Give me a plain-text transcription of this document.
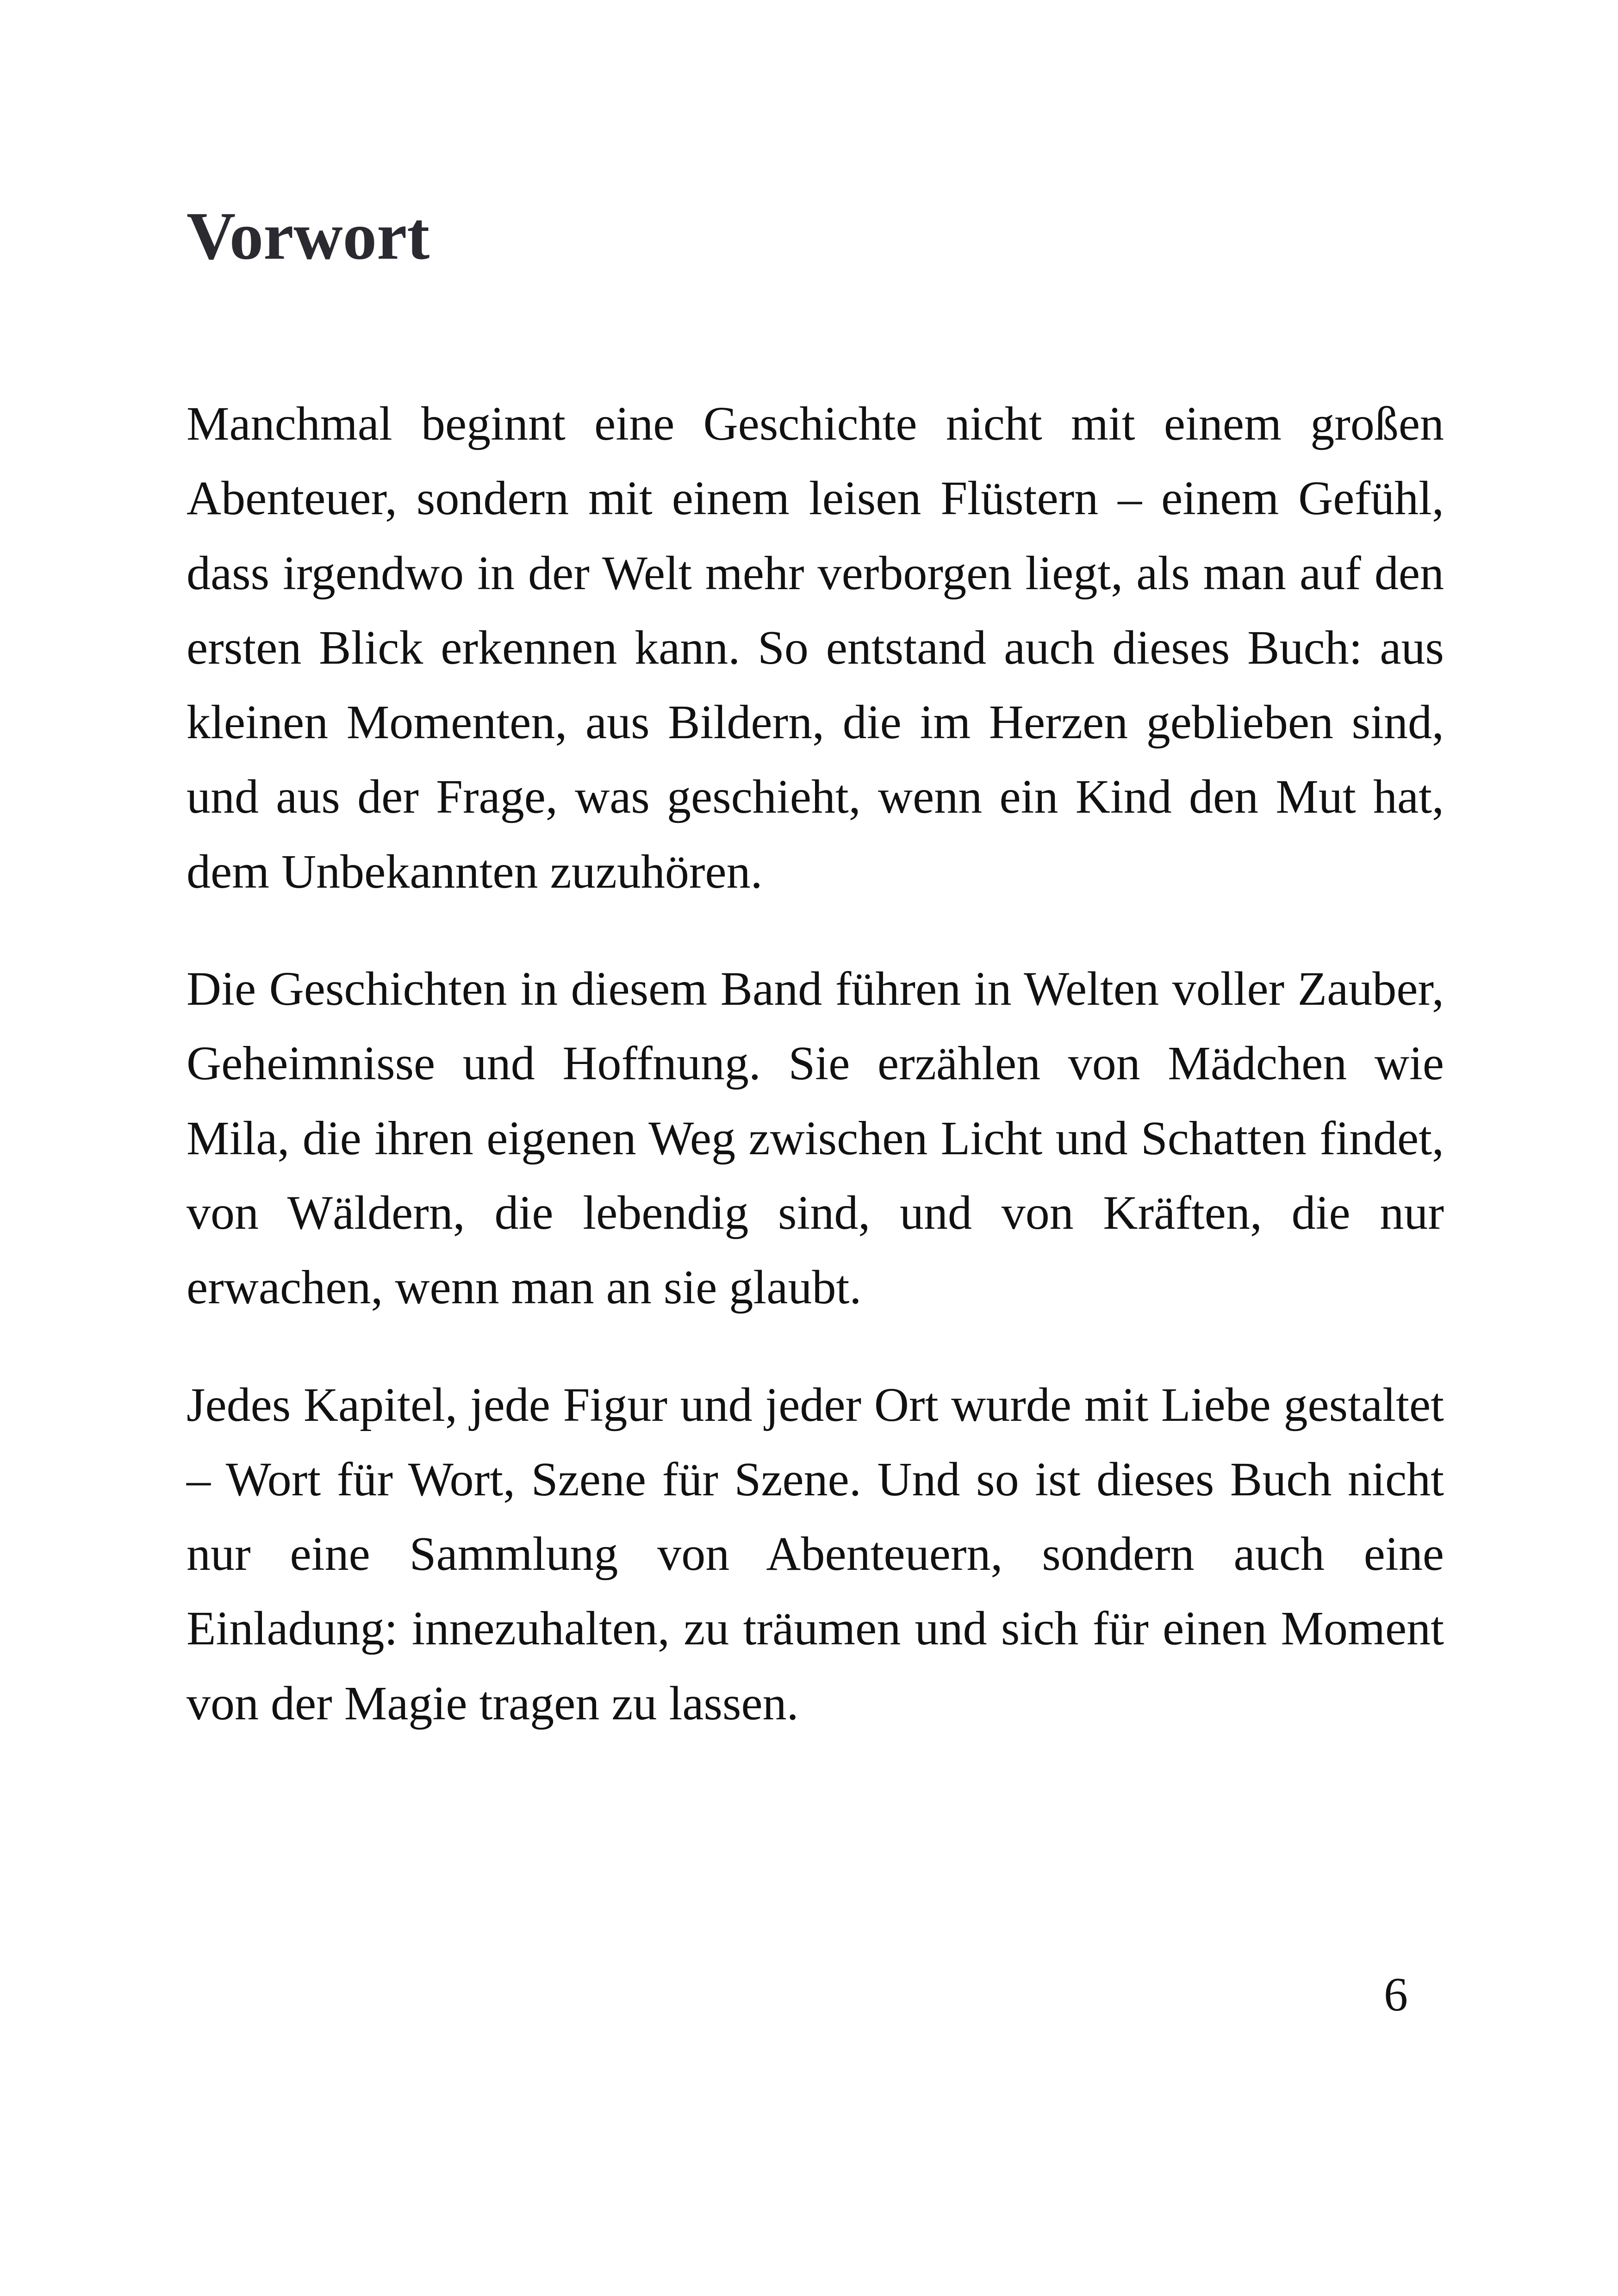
Vorwort

Manchmal beginnt eine Geschichte nicht mit einem großen Abenteuer, sondern mit einem leisen Flüstern – einem Gefühl, dass irgendwo in der Welt mehr verborgen liegt, als man auf den ersten Blick erkennen kann. So entstand auch dieses Buch: aus kleinen Momenten, aus Bildern, die im Herzen geblieben sind, und aus der Frage, was geschieht, wenn ein Kind den Mut hat, dem Unbekannten zuzuhören.

Die Geschichten in diesem Band führen in Welten voller Zauber, Geheimnisse und Hoffnung. Sie erzählen von Mädchen wie Mila, die ihren eigenen Weg zwischen Licht und Schatten findet, von Wäldern, die lebendig sind, und von Kräften, die nur erwachen, wenn man an sie glaubt.

Jedes Kapitel, jede Figur und jeder Ort wurde mit Liebe gestaltet – Wort für Wort, Szene für Szene. Und so ist dieses Buch nicht nur eine Sammlung von Abenteuern, sondern auch eine Einladung: innezuhalten, zu träumen und sich für einen Moment von der Magie tragen zu lassen.

6
